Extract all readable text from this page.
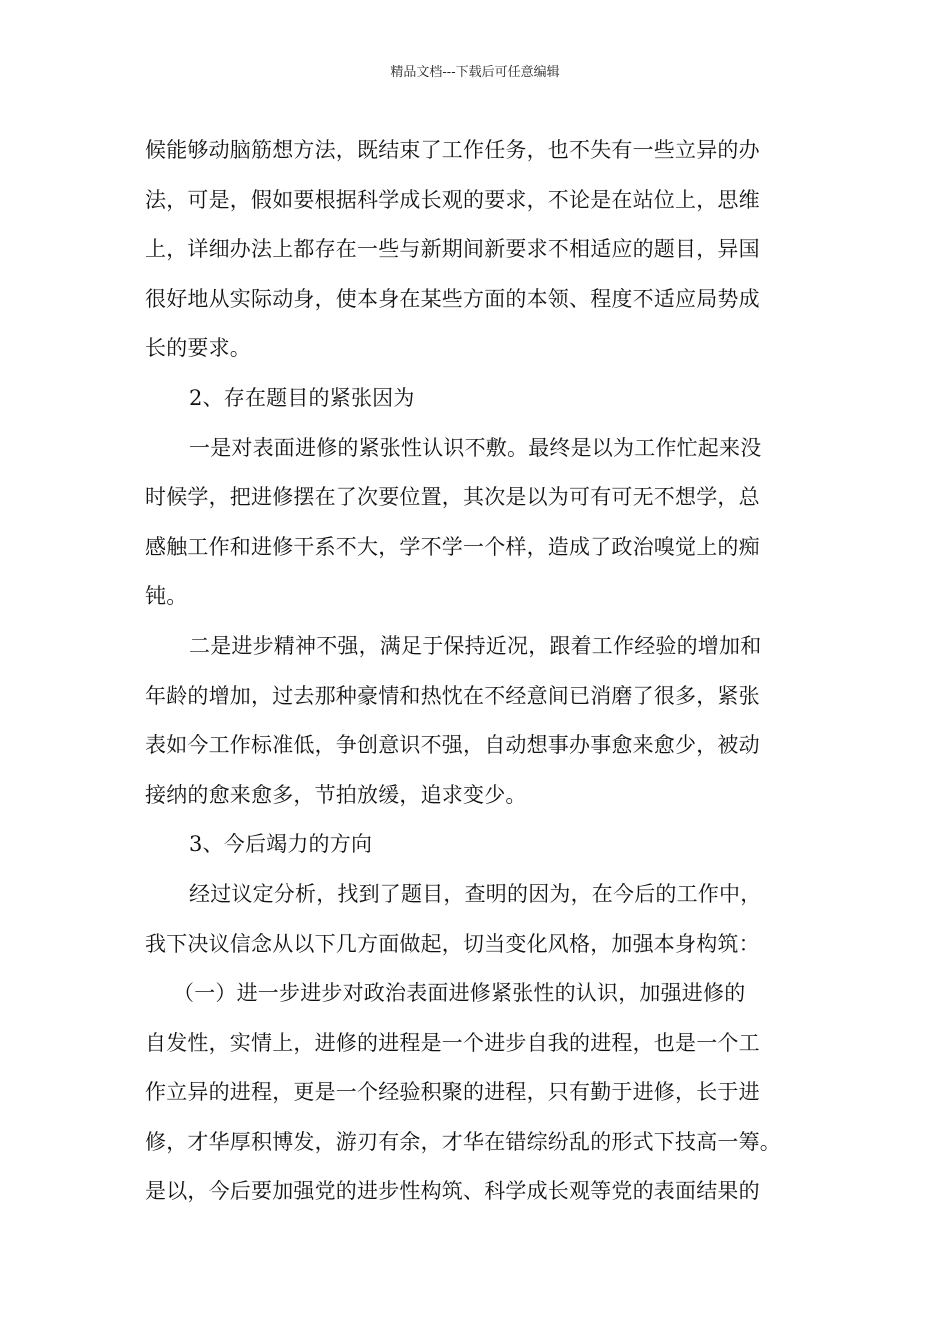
精品文档---下载后可任意编辑
候能够动脑筋想方法，既结束了工作任务，也不失有一些立异的办
法，可是，假如要根据科学成长观的要求，不论是在站位上，思维
上，详细办法上都存在一些与新期间新要求不相适应的题目，异国
很好地从实际动身，使本身在某些方面的本领、程度不适应局势成
长的要求。
2、存在题目的紧张因为
一是对表面进修的紧张性认识不敷。最终是以为工作忙起来没
时候学，把进修摆在了次要位置，其次是以为可有可无不想学，总
感触工作和进修干系不大，学不学一个样，造成了政治嗅觉上的痴
钝。
二是进步精神不强，满足于保持近况，跟着工作经验的增加和
年龄的增加，过去那种豪情和热忱在不经意间已消磨了很多，紧张
表如今工作标准低，争创意识不强，自动想事办事愈来愈少，被动
接纳的愈来愈多，节拍放缓，追求变少。
3、今后竭力的方向
经过议定分析，找到了题目，查明的因为，在今后的工作中，
我下决议信念从以下几方面做起，切当变化风格，加强本身构筑：
（一）进一步进步对政治表面进修紧张性的认识，加强进修的
自发性，实情上，进修的进程是一个进步自我的进程，也是一个工
作立异的进程，更是一个经验积聚的进程，只有勤于进修，长于进
修，才华厚积博发，游刃有余，才华在错综纷乱的形式下技高一筹。
是以，今后要加强党的进步性构筑、科学成长观等党的表面结果的
